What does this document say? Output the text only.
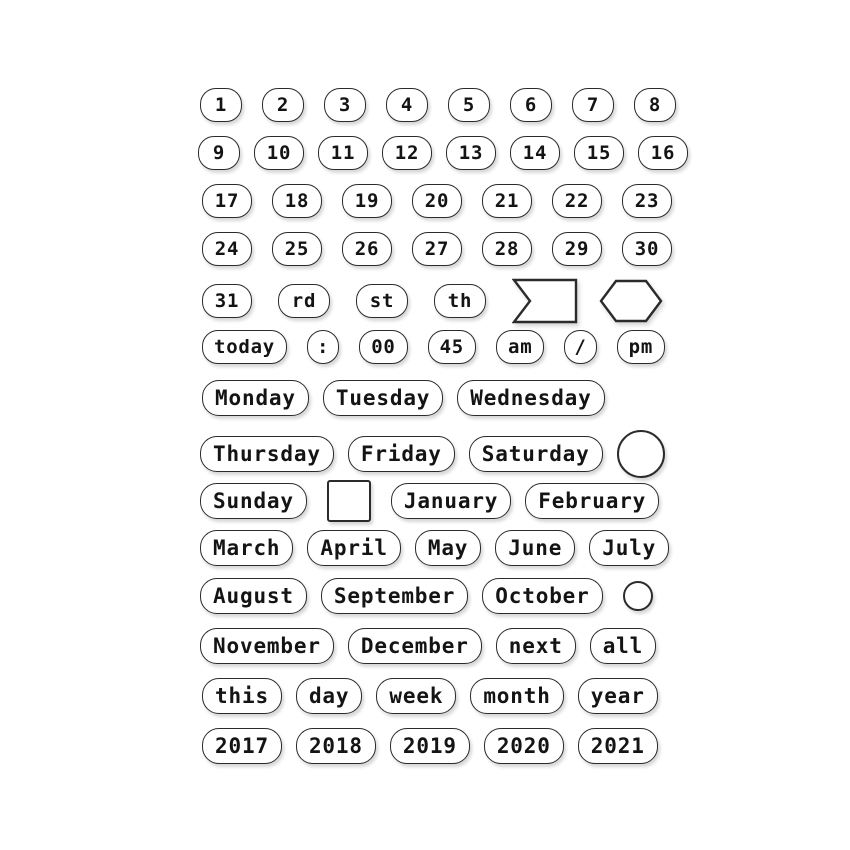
1	2	3	4	5	6	7	8
9	10	11	12	13	14	15	16
17	18	19	20	21	22	23
24	25	26	27	28	29	30
31	rd	st	th
today	:	00	45	am	/	pm
Monday	Tuesday	Wednesday
Thursday	Friday	Saturday
Sunday	January	February
March	April	May	June	July
August	September	October
November	December	next	all
this	day	week	month	year
2017	2018	2019	2020	2021
